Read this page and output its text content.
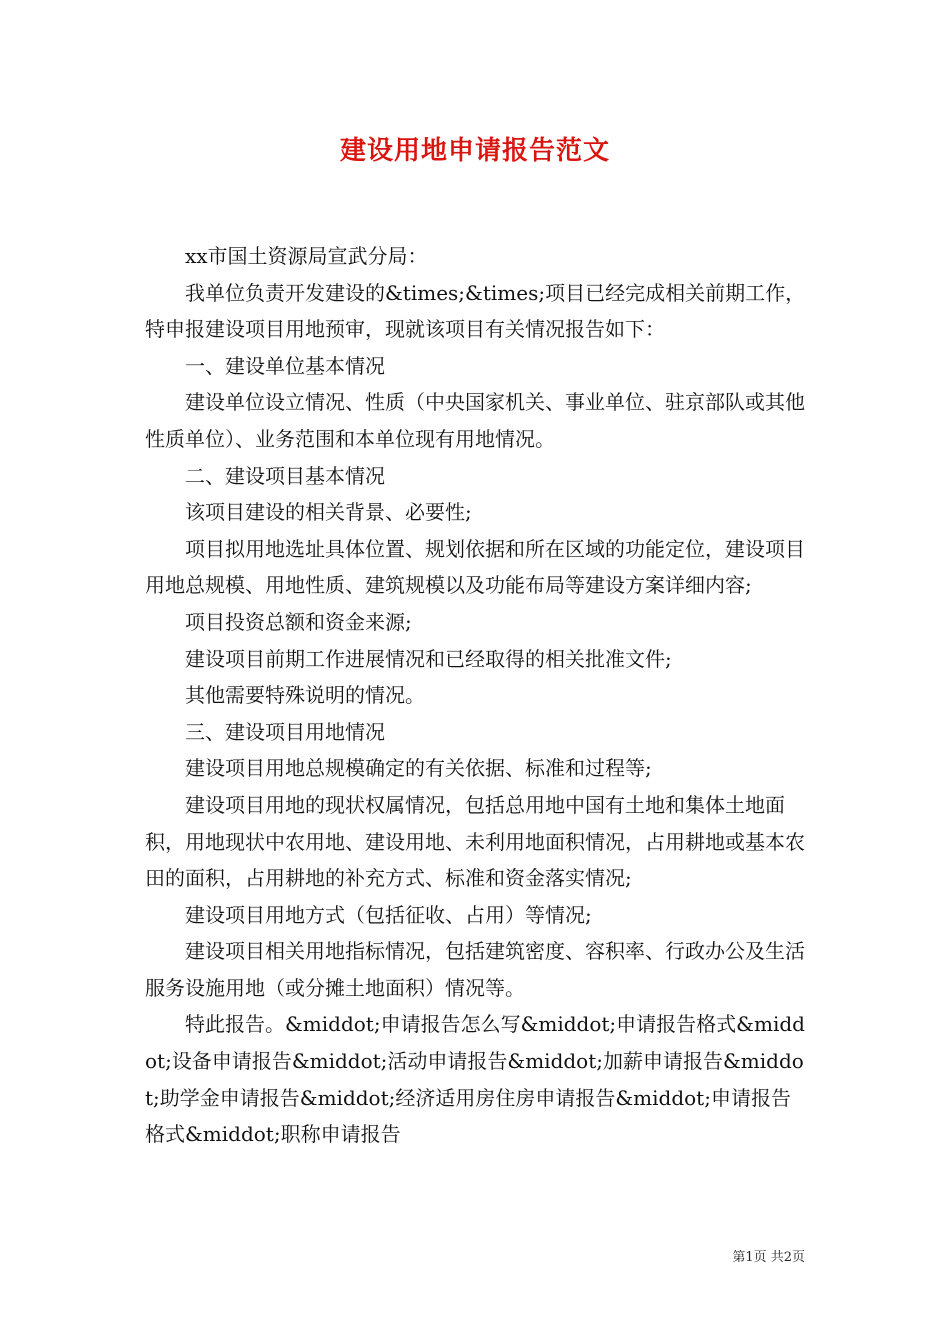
建设用地申请报告范文

xx市国土资源局宣武分局：

我单位负责开发建设的&times;&times;项目已经完成相关前期工作，特申报建设项目用地预审，现就该项目有关情况报告如下：

一、建设单位基本情况

建设单位设立情况、性质（中央国家机关、事业单位、驻京部队或其他性质单位）、业务范围和本单位现有用地情况。

二、建设项目基本情况

该项目建设的相关背景、必要性;

项目拟用地选址具体位置、规划依据和所在区域的功能定位，建设项目用地总规模、用地性质、建筑规模以及功能布局等建设方案详细内容;

项目投资总额和资金来源;

建设项目前期工作进展情况和已经取得的相关批准文件;

其他需要特殊说明的情况。

三、建设项目用地情况

建设项目用地总规模确定的有关依据、标准和过程等;

建设项目用地的现状权属情况，包括总用地中国有土地和集体土地面积，用地现状中农用地、建设用地、未利用地面积情况，占用耕地或基本农田的面积，占用耕地的补充方式、标准和资金落实情况;

建设项目用地方式（包括征收、占用）等情况;

建设项目相关用地指标情况，包括建筑密度、容积率、行政办公及生活服务设施用地（或分摊土地面积）情况等。

特此报告。&middot;申请报告怎么写&middot;申请报告格式&middot;设备申请报告&middot;活动申请报告&middot;加薪申请报告&middot;助学金申请报告&middot;经济适用房住房申请报告&middot;申请报告格式&middot;职称申请报告

第1页 共2页
